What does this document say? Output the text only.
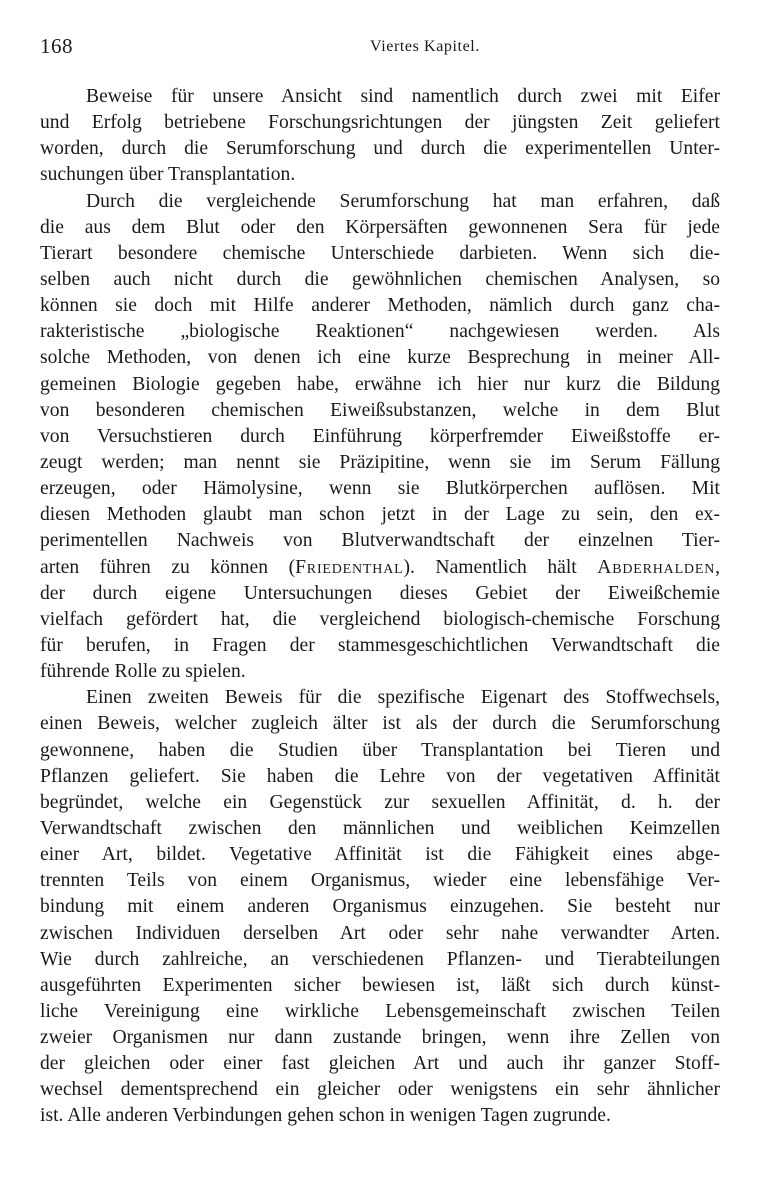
168	Viertes Kapitel.
Beweise für unsere Ansicht sind namentlich durch zwei mit Eifer
und Erfolg betriebene Forschungsrichtungen der jüngsten Zeit geliefert
worden, durch die Serumforschung und durch die experimentellen Unter-
suchungen über Transplantation.
Durch die vergleichende Serumforschung hat man erfahren, daß
die aus dem Blut oder den Körpersäften gewonnenen Sera für jede
Tierart besondere chemische Unterschiede darbieten. Wenn sich die-
selben auch nicht durch die gewöhnlichen chemischen Analysen, so
können sie doch mit Hilfe anderer Methoden, nämlich durch ganz cha-
rakteristische „biologische Reaktionen“ nachgewiesen werden. Als
solche Methoden, von denen ich eine kurze Besprechung in meiner All-
gemeinen Biologie gegeben habe, erwähne ich hier nur kurz die Bildung
von besonderen chemischen Eiweißsubstanzen, welche in dem Blut
von Versuchstieren durch Einführung körperfremder Eiweißstoffe er-
zeugt werden; man nennt sie Präzipitine, wenn sie im Serum Fällung
erzeugen, oder Hämolysine, wenn sie Blutkörperchen auflösen. Mit
diesen Methoden glaubt man schon jetzt in der Lage zu sein, den ex-
perimentellen Nachweis von Blutverwandtschaft der einzelnen Tier-
arten führen zu können (Friedenthal). Namentlich hält Abderhalden,
der durch eigene Untersuchungen dieses Gebiet der Eiweißchemie
vielfach gefördert hat, die vergleichend biologisch-chemische Forschung
für berufen, in Fragen der stammesgeschichtlichen Verwandtschaft die
führende Rolle zu spielen.
Einen zweiten Beweis für die spezifische Eigenart des Stoffwechsels,
einen Beweis, welcher zugleich älter ist als der durch die Serumforschung
gewonnene, haben die Studien über Transplantation bei Tieren und
Pflanzen geliefert. Sie haben die Lehre von der vegetativen Affinität
begründet, welche ein Gegenstück zur sexuellen Affinität, d. h. der
Verwandtschaft zwischen den männlichen und weiblichen Keimzellen
einer Art, bildet. Vegetative Affinität ist die Fähigkeit eines abge-
trennten Teils von einem Organismus, wieder eine lebensfähige Ver-
bindung mit einem anderen Organismus einzugehen. Sie besteht nur
zwischen Individuen derselben Art oder sehr nahe verwandter Arten.
Wie durch zahlreiche, an verschiedenen Pflanzen- und Tierabteilungen
ausgeführten Experimenten sicher bewiesen ist, läßt sich durch künst-
liche Vereinigung eine wirkliche Lebensgemeinschaft zwischen Teilen
zweier Organismen nur dann zustande bringen, wenn ihre Zellen von
der gleichen oder einer fast gleichen Art und auch ihr ganzer Stoff-
wechsel dementsprechend ein gleicher oder wenigstens ein sehr ähnlicher
ist. Alle anderen Verbindungen gehen schon in wenigen Tagen zugrunde.
